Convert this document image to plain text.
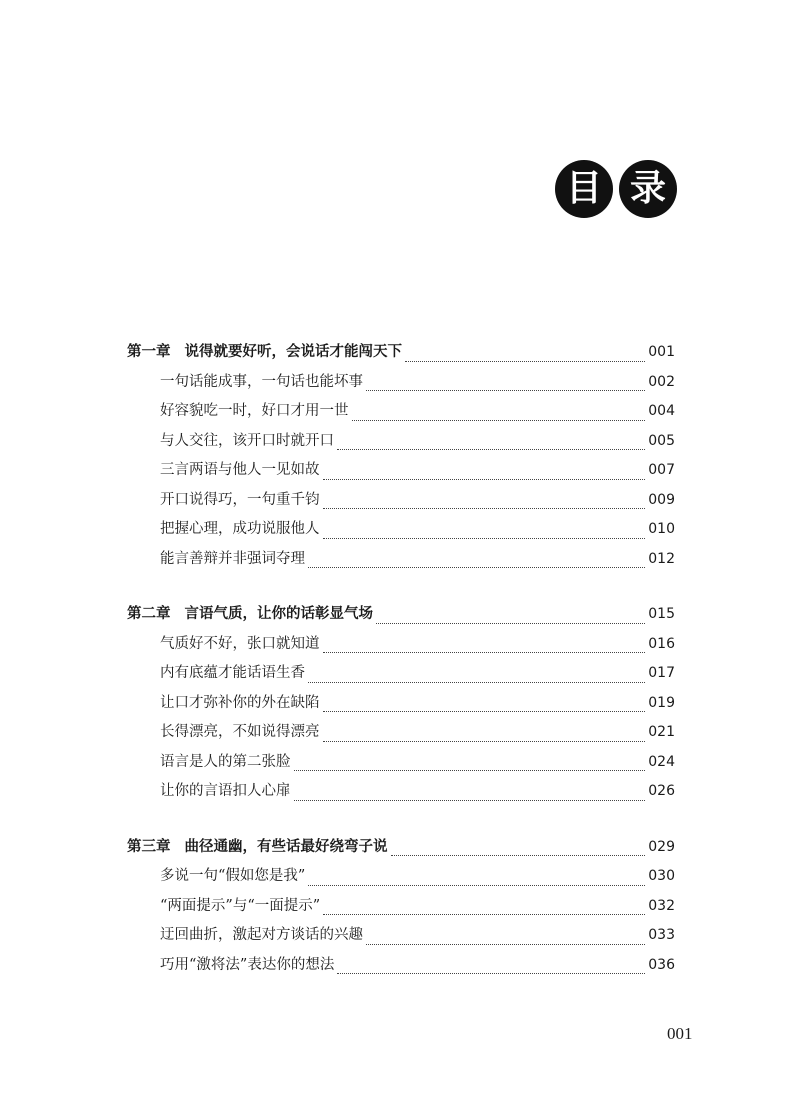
目 录
第一章 说得就要好听，会说话才能闯天下	001
一句话能成事，一句话也能坏事	002
好容貌吃一时，好口才用一世	004
与人交往，该开口时就开口	005
三言两语与他人一见如故	007
开口说得巧，一句重千钧	009
把握心理，成功说服他人	010
能言善辩并非强词夺理	012
第二章 言语气质，让你的话彰显气场	015
气质好不好，张口就知道	016
内有底蕴才能话语生香	017
让口才弥补你的外在缺陷	019
长得漂亮，不如说得漂亮	021
语言是人的第二张脸	024
让你的言语扣人心扉	026
第三章 曲径通幽，有些话最好绕弯子说	029
多说一句“假如您是我”	030
“两面提示”与“一面提示”	032
迂回曲折，激起对方谈话的兴趣	033
巧用“激将法”表达你的想法	036
001
